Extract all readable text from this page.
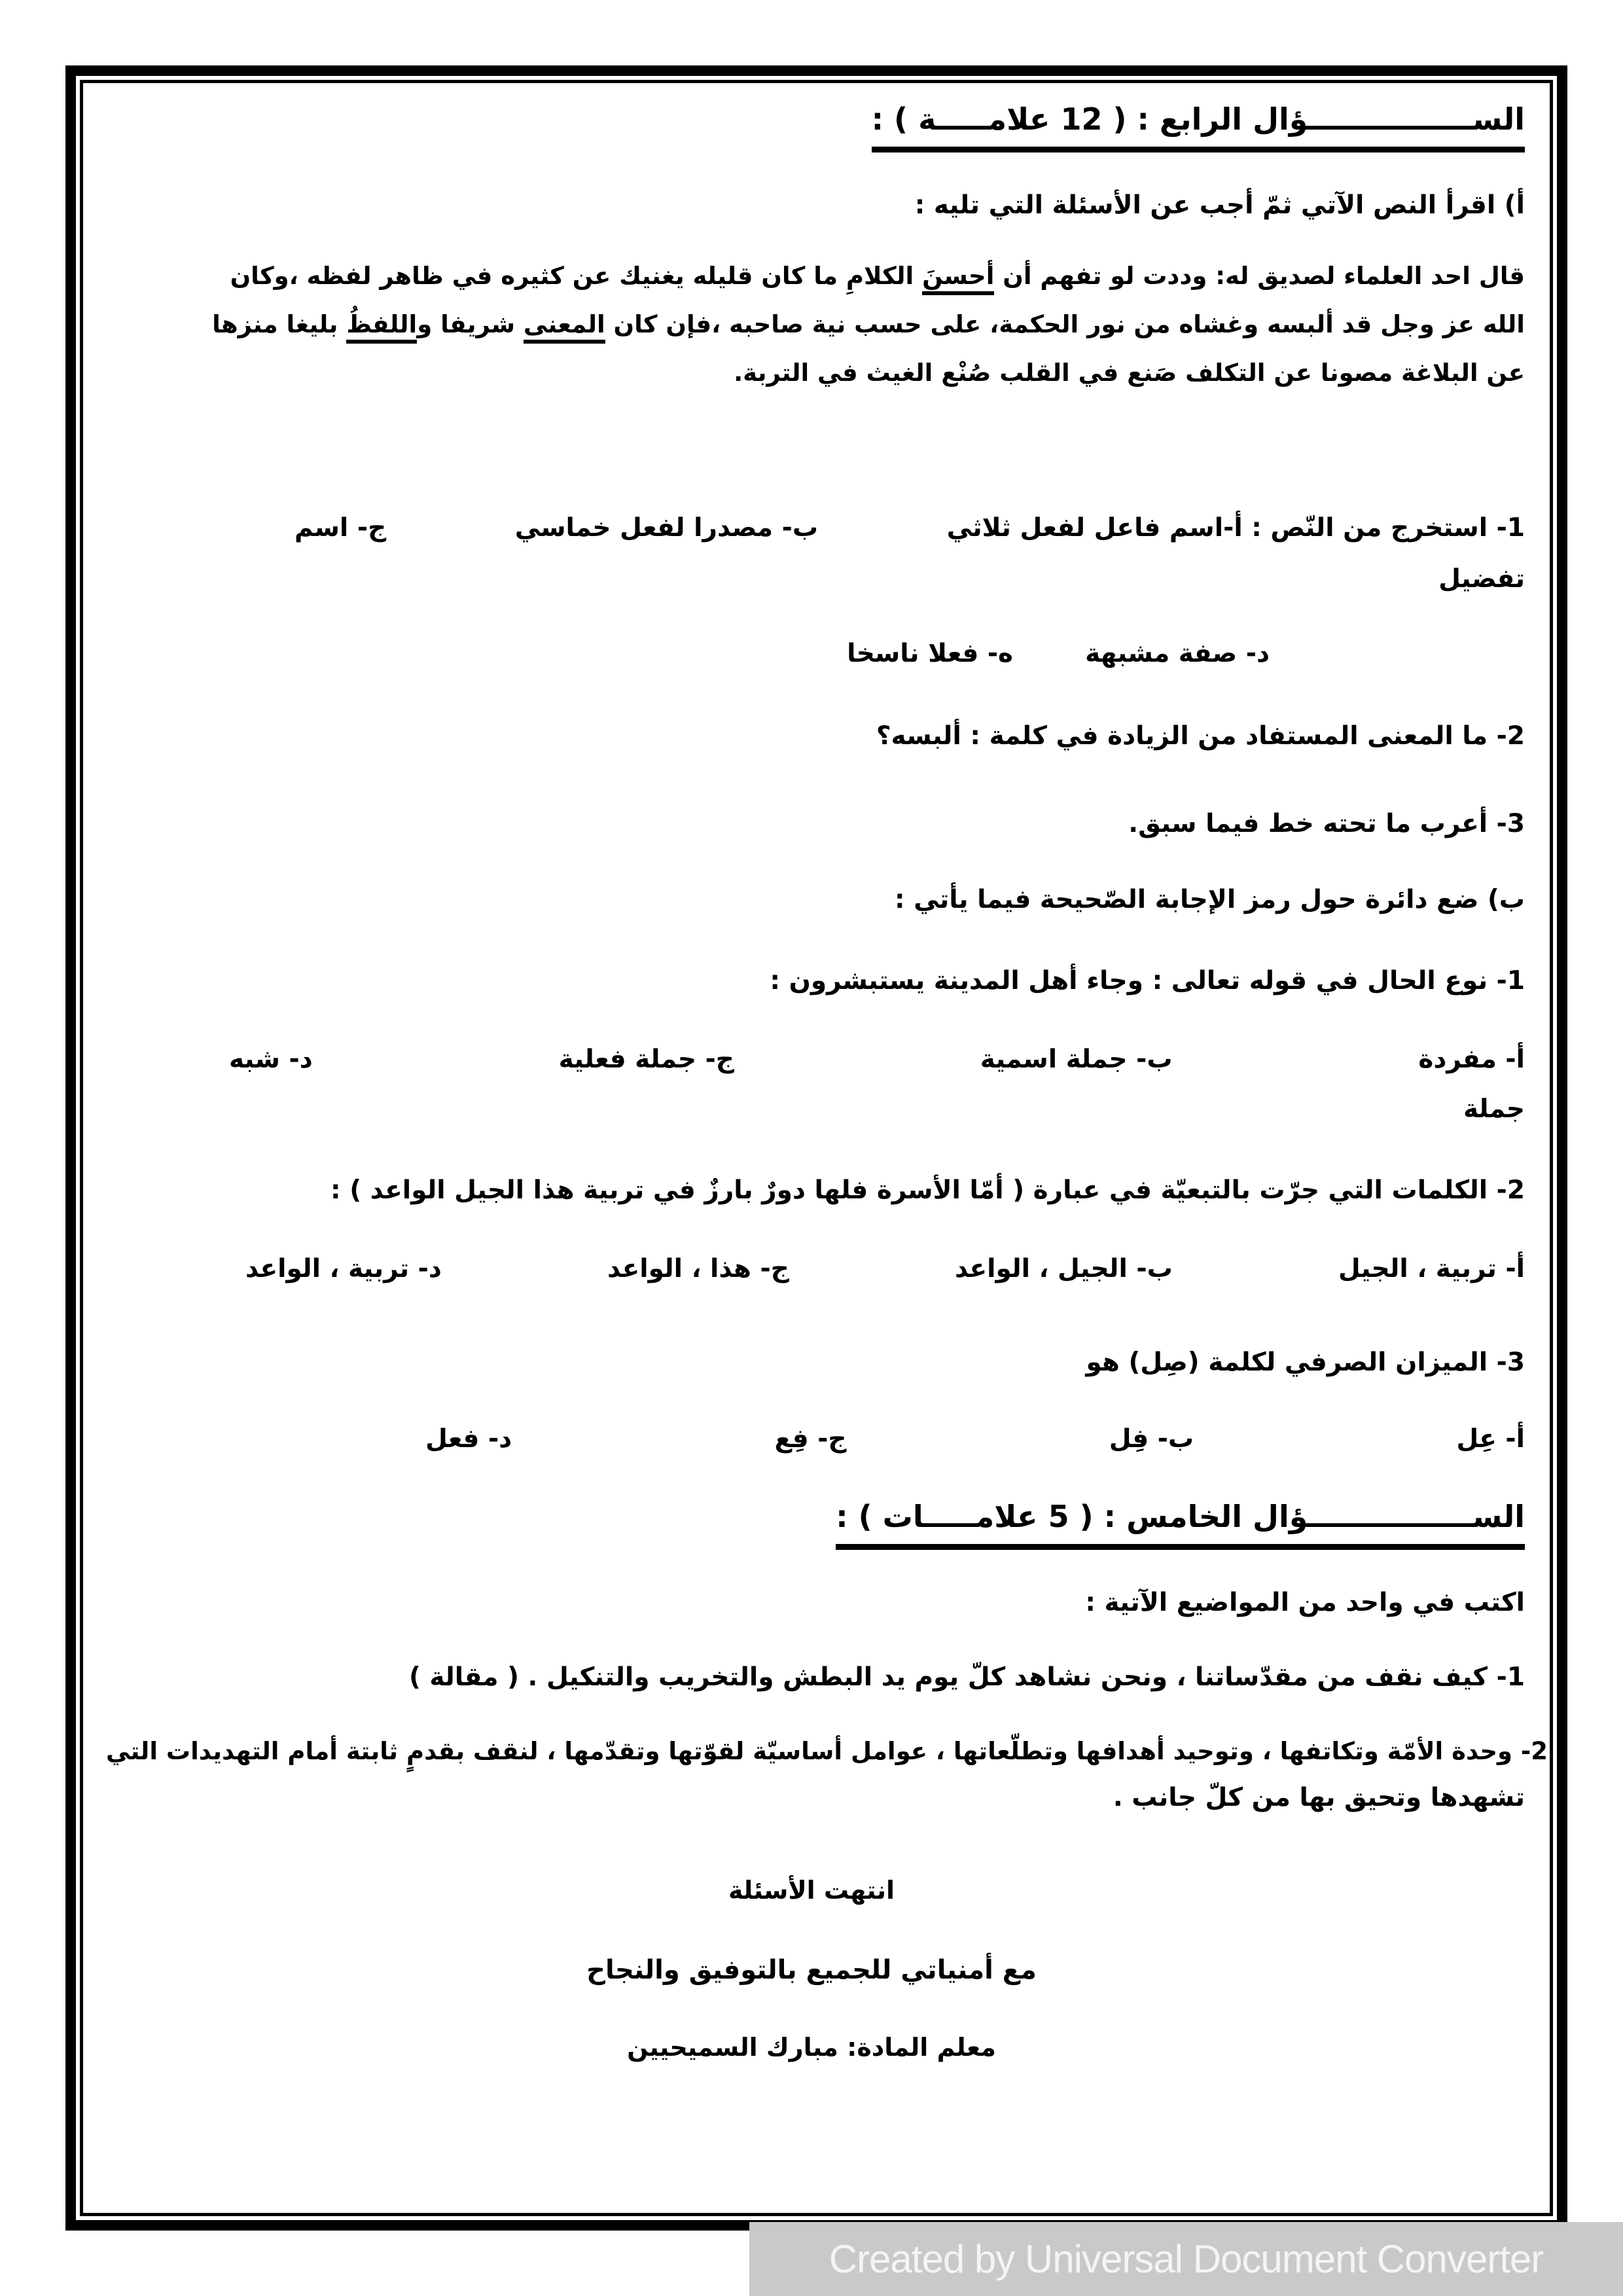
الســــــــــــــــؤال الرابع : ( 12 علامـــــة ) :
أ) اقرأ النص الآتي ثمّ أجب عن الأسئلة التي تليه :

قال احد العلماء لصديق له: وددت لو تفهم أن أحسنَ الكلامِ ما كان قليله يغنيك عن كثيره في ظاهر لفظه ،وكان

الله عز وجل قد ألبسه وغشاه من نور الحكمة، على حسب نية صاحبه ،فإن كان المعنى شريفا واللفظُ بليغا منزها

عن البلاغة مصونا عن التكلف صَنع في القلب صُنْع الغيث في التربة.

1- استخرج من النّص : أ-اسم فاعل لفعل ثلاثي
ب- مصدرا لفعل خماسي
ج- اسم
تفضيل
د- صفة مشبهة
ه- فعلا ناسخا
2- ما المعنى المستفاد من الزيادة في كلمة : ألبسه؟
3- أعرب ما تحته خط فيما سبق.
ب) ضع دائرة حول رمز الإجابة الصّحيحة فيما يأتي :
1- نوع الحال في قوله تعالى : وجاء أهل المدينة يستبشرون :
أ- مفردة
ب- جملة اسمية
ج- جملة فعلية
د- شبه
جملة
2- الكلمات التي جرّت بالتبعيّة في عبارة ( أمّا الأسرة فلها دورٌ بارزٌ في تربية هذا الجيل الواعد ) :
أ- تربية ، الجيل
ب- الجيل ، الواعد
ج- هذا ، الواعد
د- تربية ، الواعد
3- الميزان الصرفي لكلمة (صِل) هو
أ- عِل
ب- فِل
ج- فِع
د- فعل
الســــــــــــــــؤال الخامس : ( 5 علامـــــات ) :
اكتب في واحد من المواضيع الآتية :
1- كيف نقف من مقدّساتنا ، ونحن نشاهد كلّ يوم يد البطش والتخريب والتنكيل . ( مقالة )
2- وحدة الأمّة وتكاتفها ، وتوحيد أهدافها وتطلّعاتها ، عوامل أساسيّة لقوّتها وتقدّمها ، لنقف بقدمٍ ثابتة أمام التهديدات التي
تشهدها وتحيق بها من كلّ جانب .
انتهت الأسئلة
مع أمنياتي للجميع بالتوفيق والنجاح
معلم المادة: مبارك السميحيين
Created by Universal Document Converter
